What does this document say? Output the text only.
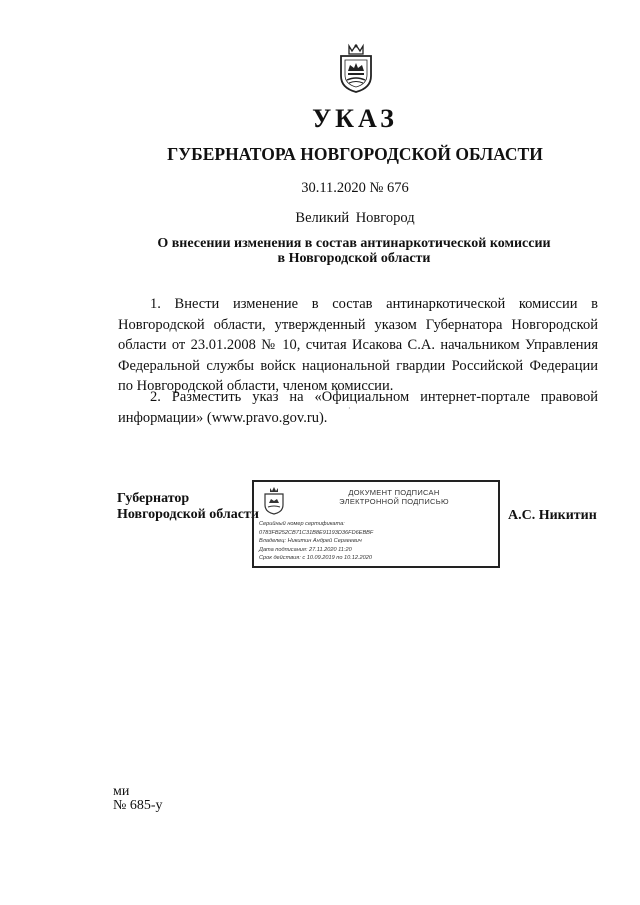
УКАЗ
ГУБЕРНАТОРА НОВГОРОДСКОЙ ОБЛАСТИ
30.11.2020 № 676
Великий Новгород
О внесении изменения в состав антинаркотической комиссии
в Новгородской области
1. Внести изменение в состав антинаркотической комиссии в Новгородской области, утвержденный указом Губернатора Новгородской области от 23.01.2008 № 10, считая Исакова С.А. начальником Управления Федеральной службы войск национальной гвардии Российской Федерации по Новгородской области, членом комиссии.
2. Разместить указ на «Официальном интернет-портале правовой информации» (www.pravo.gov.ru).
·
Губернатор
Новгородской области
ДОКУМЕНТ ПОДПИСАН
ЭЛЕКТРОННОЙ ПОДПИСЬЮ
Серийный номер сертификата:
0783FB252CB71C31B8E91193D36FD6EBBF
Владелец: Никитин Андрей Сергеевич
Дата подписания: 27.11.2020 11:20
Срок действия: с 10.09.2019 по 10.12.2020
А.С. Никитин
ми
№ 685-у
